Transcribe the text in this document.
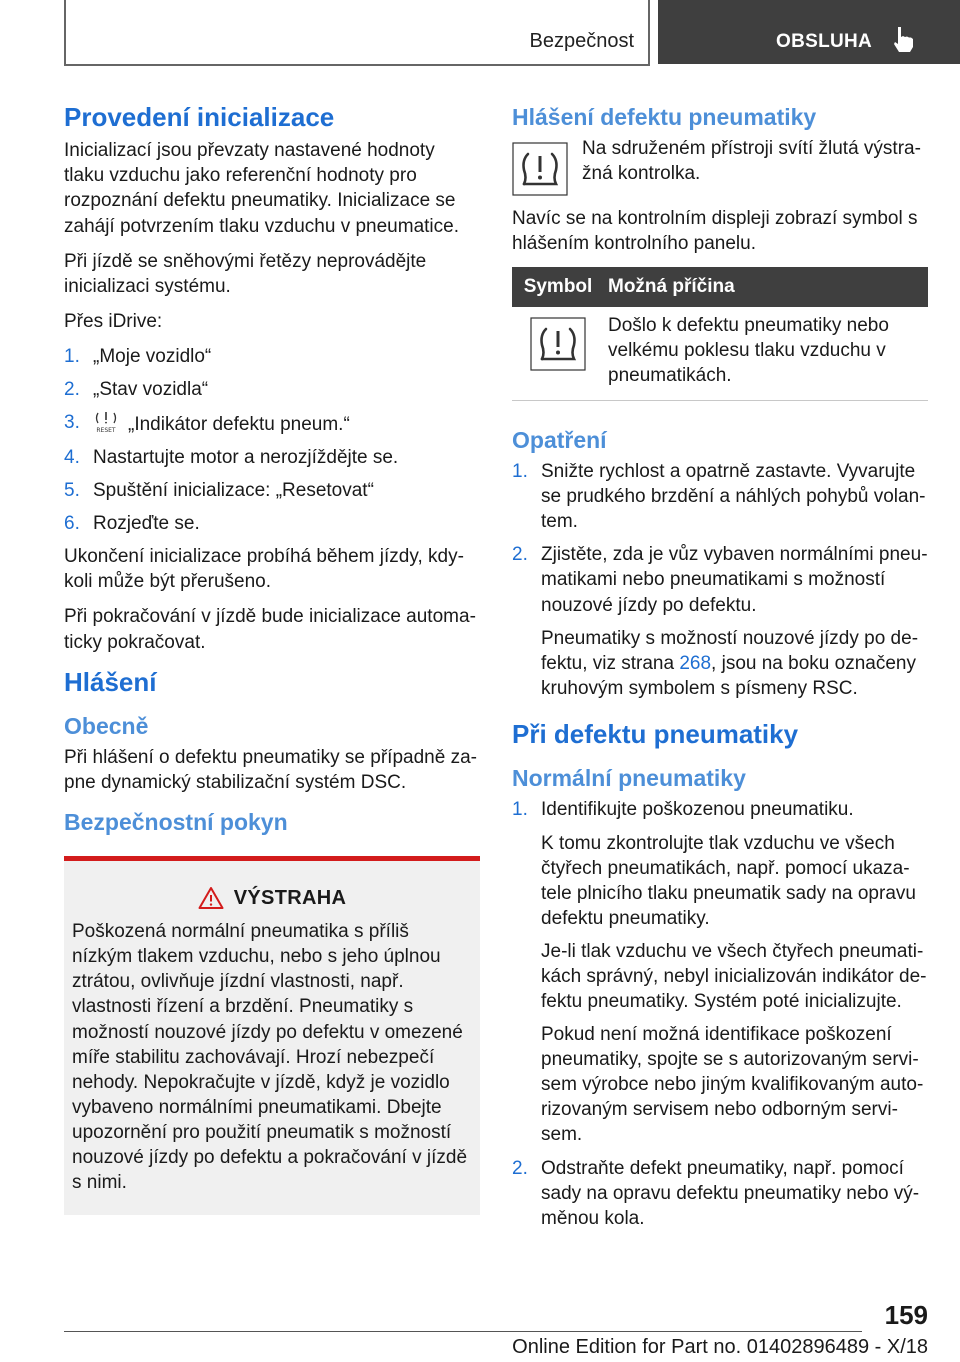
Bezpečnost	OBSLUHA
Provedení inicializace

Inicializací jsou převzaty nastavené hodnoty tlaku vzduchu jako referenční hodnoty pro rozpoznání defektu pneumatiky. Inicializace se zahájí potvrzením tlaku vzduchu v pneumatice.

Při jízdě se sněhovými řetězy neprovádějte inicializaci systému.

Přes iDrive:

1. „Moje vozidlo“
2. „Stav vozidla“
3.	RESET „Indikátor defektu pneum.“
4. Nastartujte motor a nerozjíždějte se.
5. Spuštění inicializace: „Resetovat“
6. Rozjeďte se.

Ukončení inicializace probíhá během jízdy, kdykoli může být přerušeno.

Při pokračování v jízdě bude inicializace automaticky pokračovat.

Hlášení
Obecně

Při hlášení o defektu pneumatiky se případně zapne dynamický stabilizační systém DSC.

Bezpečnostní pokyn
VÝSTRAHA

Poškozená normální pneumatika s příliš nízkým tlakem vzduchu, nebo s jeho úplnou ztrátou, ovlivňuje jízdní vlastnosti, např. vlastnosti řízení a brzdění. Pneumatiky s možností nouzové jízdy po defektu v omezené míře stabilitu zachovávají. Hrozí nebezpečí nehody. Nepokračujte v jízdě, když je vozidlo vybaveno normálními pneumatikami. Dbejte upozornění pro použití pneumatik s možností nouzové jízdy po defektu a pokračování v jízdě s nimi.

Hlášení defektu pneumatiky
Na sdruženém přístroji svítí žlutá výstražná kontrolka.

Navíc se na kontrolním displeji zobrazí symbol s hlášením kontrolního panelu.

Symbol Možná příčina
Došlo k defektu pneumatiky nebo velkému poklesu tlaku vzduchu v pneumatikách.
Opatření
1. Snižte rychlost a opatrně zastavte. Vyvarujte se prudkého brzdění a náhlých pohybů volantem.
2. Zjistěte, zda je vůz vybaven normálními pneumatikami nebo pneumatikami s možností nouzové jízdy po defektu.

Pneumatiky s možností nouzové jízdy po defektu, viz strana 268, jsou na boku označeny kruhovým symbolem s písmeny RSC.

Při defektu pneumatiky
Normální pneumatiky
1. Identifikujte poškozenou pneumatiku.

K tomu zkontrolujte tlak vzduchu ve všech čtyřech pneumatikách, např. pomocí ukazatele plnicího tlaku pneumatik sady na opravu defektu pneumatiky.

Je-li tlak vzduchu ve všech čtyřech pneumatikách správný, nebyl inicializován indikátor defektu pneumatiky. Systém poté inicializujte.

Pokud není možná identifikace poškození pneumatiky, spojte se s autorizovaným servisem výrobce nebo jiným kvalifikovaným autorizovaným servisem nebo odborným servisem.

2. Odstraňte defekt pneumatiky, např. pomocí sady na opravu defektu pneumatiky nebo výměnou kola.

159
Online Edition for Part no. 01402896489 - X/18
